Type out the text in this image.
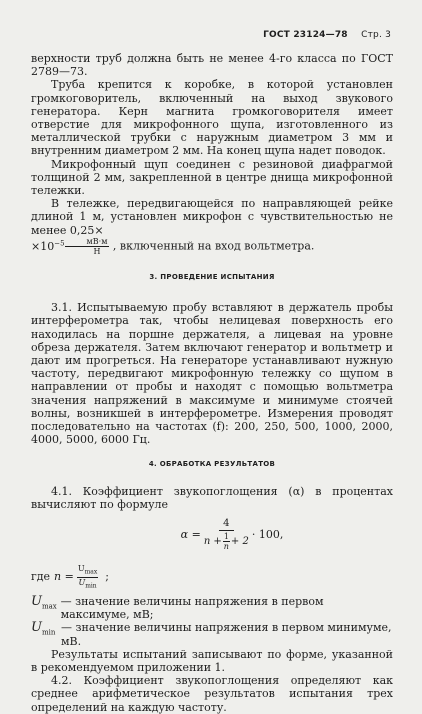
ГОСТ 23124—78 Стр. 3

верхности труб должна быть не менее 4-го класса по ГОСТ 2789—73.

Труба крепится к коробке, в которой установлен громкоговоритель, включенный на выход звукового генератора. Керн магнита громкоговорителя имеет отверстие для микрофонного щупа, изготовленного из металлической трубки с наружным диаметром 3 мм и внутренним диаметром 2 мм. На конец щупа надет поводок.

Микрофонный щуп соединен с резиновой диафрагмой толщиной 2 мм, закрепленной в центре днища микрофонной тележки.

В тележке, передвигающейся по направляющей рейке длиной 1 м, установлен микрофон с чувствительностью не менее 0,25×
$\times 10^{-5} \frac{мВ\cdot м}{Н}$ , включенный на вход вольтметра.

3. ПРОВЕДЕНИЕ ИСПЫТАНИЯ

3.1. Испытываемую пробу вставляют в держатель пробы интерферометра так, чтобы нелицевая поверхность его находилась на поршне держателя, а лицевая на уровне обреза держателя. Затем включают генератор и вольтметр и дают им прогреться. На генераторе устанавливают нужную частоту, передвигают микрофонную тележку со щупом в направлении от пробы и находят с помощью вольтметра значения напряжений в максимуме и минимуме стоячей волны, возникшей в интерферометре. Измерения проводят последовательно на частотах (f): 200, 250, 500, 1000, 2000, 4000, 5000, 6000 Гц.

4. ОБРАБОТКА РЕЗУЛЬТАТОВ

4.1. Коэффициент звукопоглощения (α) в процентах вычисляют по формуле

α =
4
$n + \frac{1}{n} + 2$
· 100,
где n =
$U_{max}$
$U_{min}$
;
$U_{max}$ — значение величины напряжения в первом максимуме, мВ;
$U_{min}$ — значение величины напряжения в первом минимуме, мВ.

Результаты испытаний записывают по форме, указанной в рекомендуемом приложении 1.

4.2. Коэффициент звукопоглощения определяют как среднее арифметическое результатов испытания трех определений на каждую частоту.
